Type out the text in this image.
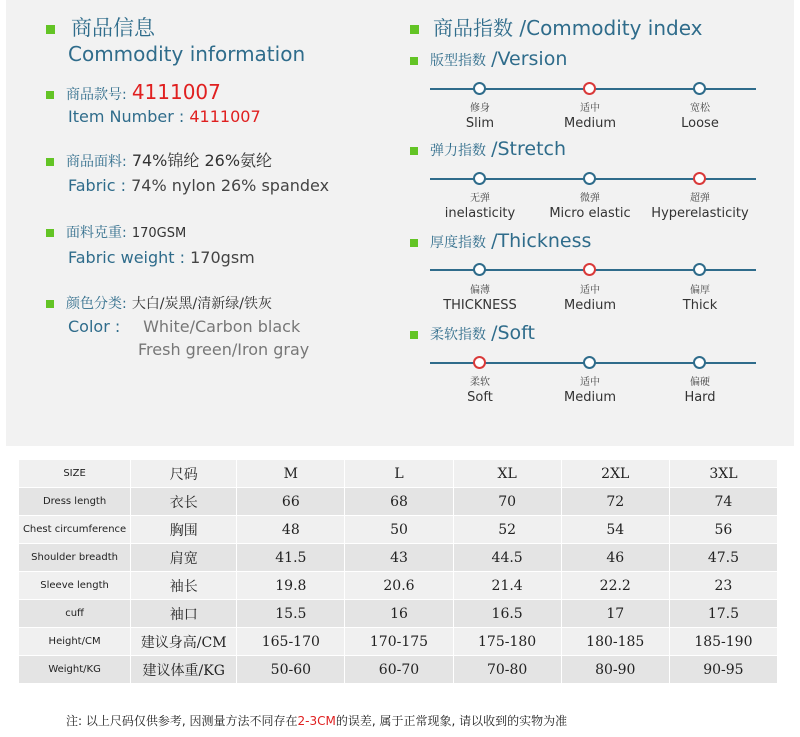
商品信息
Commodity information
商品款号: 4111007
Item Number : 4111007
商品面料: 74%锦纶 26%氨纶
Fabric : 74% nylon 26% spandex
面料克重: 170GSM
Fabric weight : 170gsm
颜色分类: 大白/炭黑/清新绿/铁灰
Color : White/Carbon black
Fresh green/Iron gray
商品指数 /Commodity index
版型指数 /Version
修身
Slim
适中
Medium
宽松
Loose
弹力指数 /Stretch
无弹
inelasticity
微弹
Micro elastic
超弹
Hyperelasticity
厚度指数 /Thickness
偏薄
THICKNESS
适中
Medium
偏厚
Thick
柔软指数 /Soft
柔软
Soft
适中
Medium
偏硬
Hard
SIZE	尺码	M	L	XL	2XL	3XL
Dress length	衣长	66	68	70	72	74
Chest circumference	胸围	48	50	52	54	56
Shoulder breadth	肩宽	41.5	43	44.5	46	47.5
Sleeve length	袖长	19.8	20.6	21.4	22.2	23
cuff	袖口	15.5	16	16.5	17	17.5
Height/CM	建议身高/CM	165-170	170-175	175-180	180-185	185-190
Weight/KG	建议体重/KG	50-60	60-70	70-80	80-90	90-95
注: 以上尺码仅供参考, 因测量方法不同存在2-3CM的误差, 属于正常现象, 请以收到的实物为准
